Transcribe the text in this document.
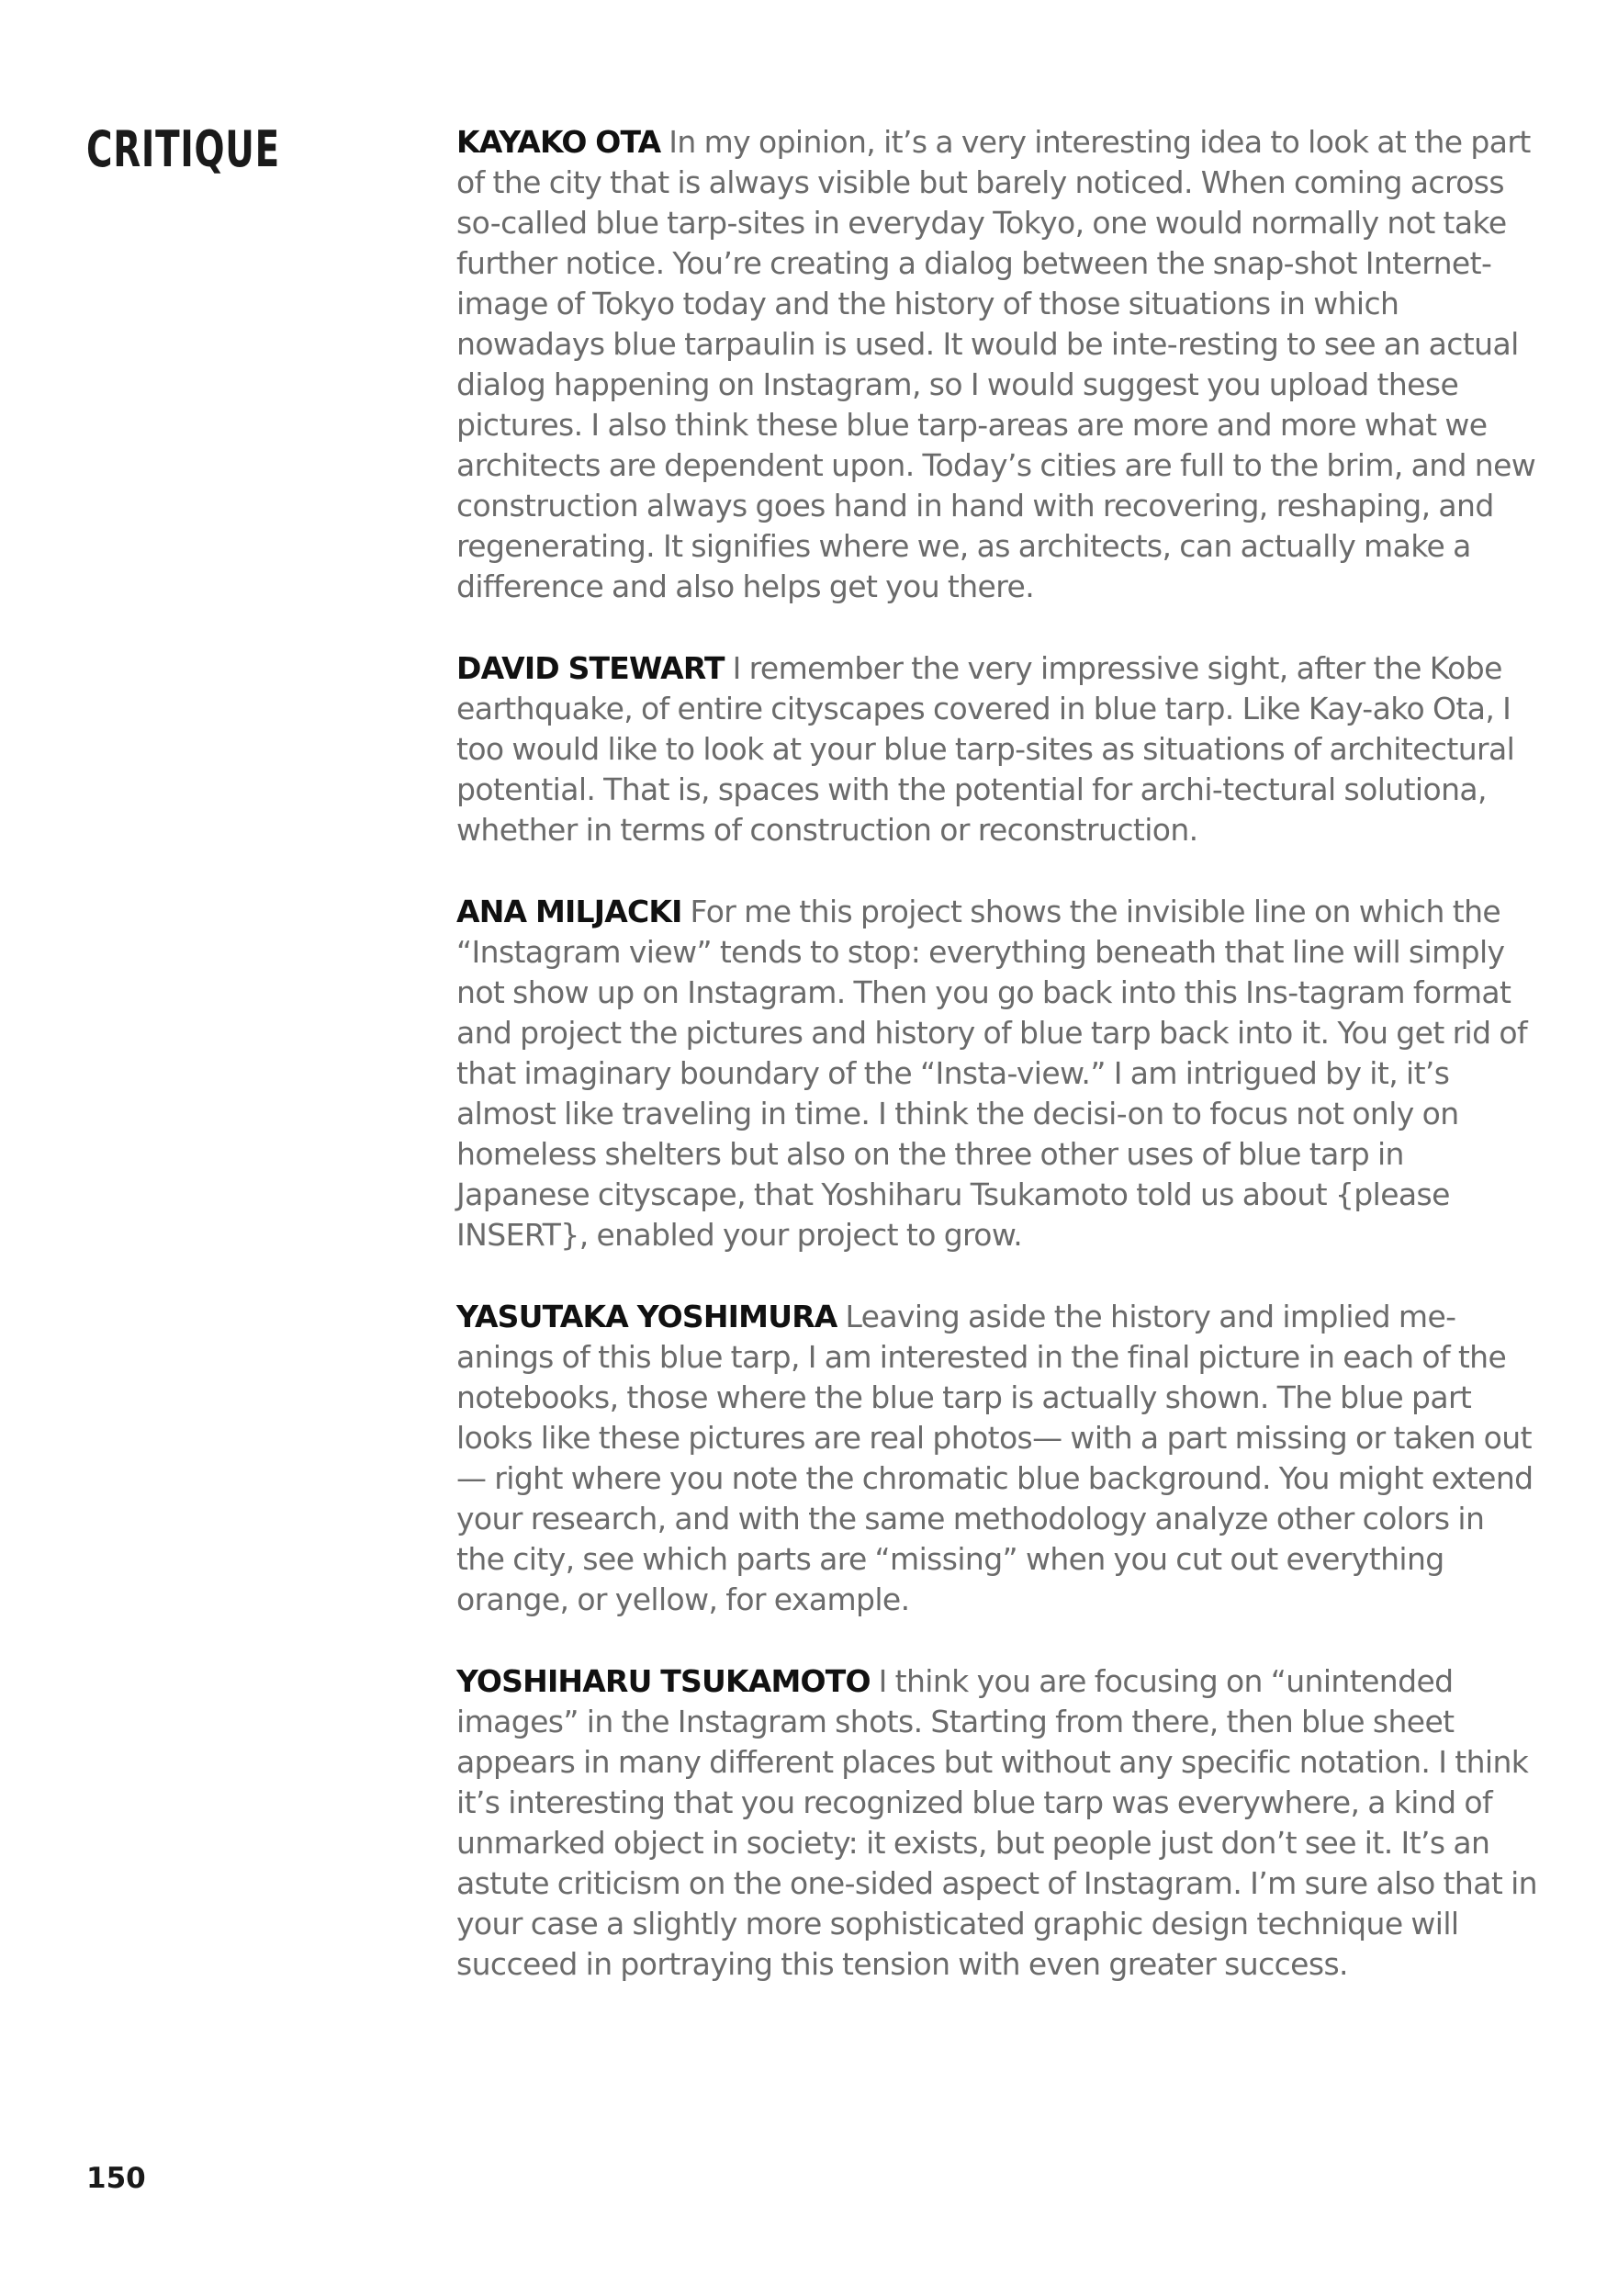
CRITIQUE	KAYAKO OTA In my opinion, it’s a very interesting idea to look at the part of the city that is always visible but barely noticed. When coming across so-called blue tarp-sites in everyday Tokyo, one would normally not take further notice. You’re creating a dialog between the snap-shot Internet-image of Tokyo today and the history of those situations in which nowadays blue tarpaulin is used. It would be inte-resting to see an actual dialog happening on Instagram, so I would suggest you upload these pictures. I also think these blue tarp-areas are more and more what we architects are dependent upon. Today’s cities are full to the brim, and new construction always goes hand in hand with recovering, reshaping, and regenerating. It signifies where we, as architects, can actually make a difference and also helps get you there.

DAVID STEWART I remember the very impressive sight, after the Kobe earthquake, of entire cityscapes covered in blue tarp. Like Kay-ako Ota, I too would like to look at your blue tarp-sites as situations of architectural potential. That is, spaces with the potential for archi-tectural solutiona, whether in terms of construction or reconstruction.

ANA MILJACKI For me this project shows the invisible line on which the “Instagram view” tends to stop: everything beneath that line will simply not show up on Instagram. Then you go back into this Ins-tagram format and project the pictures and history of blue tarp back into it. You get rid of that imaginary boundary of the “Insta-view.” I am intrigued by it, it’s almost like traveling in time. I think the decisi-on to focus not only on homeless shelters but also on the three other uses of blue tarp in Japanese cityscape, that Yoshiharu Tsukamoto told us about {please INSERT}, enabled your project to grow.

YASUTAKA YOSHIMURA Leaving aside the history and implied me-anings of this blue tarp, I am interested in the final picture in each of the notebooks, those where the blue tarp is actually shown. The blue part looks like these pictures are real photos— with a part missing or taken out— right where you note the chromatic blue background. You might extend your research, and with the same methodology analyze other colors in the city, see which parts are “missing” when you cut out everything orange, or yellow, for example.

YOSHIHARU TSUKAMOTO I think you are focusing on “unintended images” in the Instagram shots. Starting from there, then blue sheet appears in many different places but without any specific notation. I think it’s interesting that you recognized blue tarp was everywhere, a kind of unmarked object in society: it exists, but people just don’t see it. It’s an astute criticism on the one-sided aspect of Instagram. I’m sure also that in your case a slightly more sophisticated graphic design technique will succeed in portraying this tension with even greater success.

150
